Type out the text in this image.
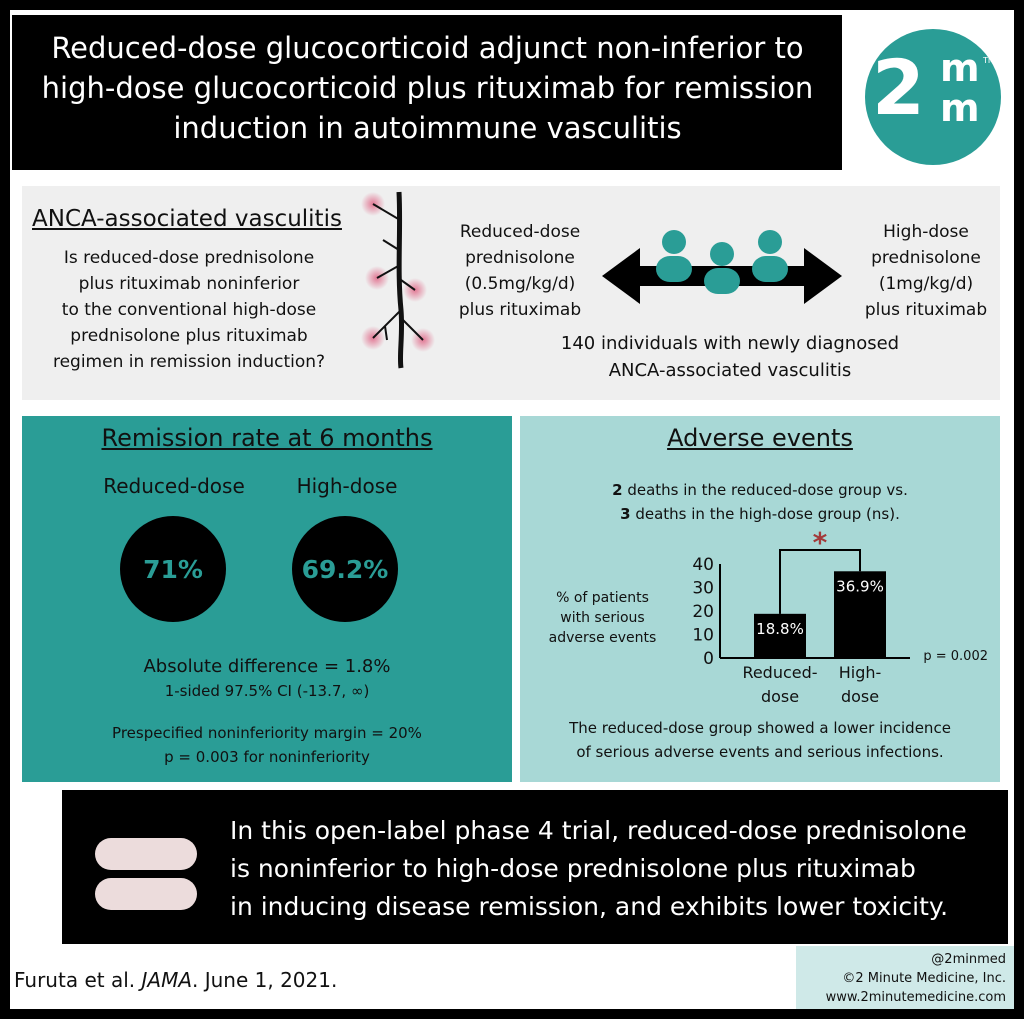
Reduced-dose glucocorticoid adjunct non-inferior to
high-dose glucocorticoid plus rituximab for remission
induction in autoimmune vasculitis	2 m
m
TM
ANCA-associated vasculitis
Is reduced-dose prednisolone
plus rituximab noninferior
to the conventional high-dose
prednisolone plus rituximab
regimen in remission induction?
Reduced-dose
prednisolone
(0.5mg/kg/d)
plus rituximab
High-dose
prednisolone
(1mg/kg/d)
plus rituximab
140 individuals with newly diagnosed
ANCA-associated vasculitis
Remission rate at 6 months
Reduced-dose	High-dose
71%	69.2%
Absolute difference = 1.8%
1-sided 97.5% CI (-13.7, ∞)
Prespecified noninferiority margin = 20%
p = 0.003 for noninferiority
Adverse events
2 deaths in the reduced-dose group vs.
3 deaths in the high-dose group (ns).
% of patients
with serious
adverse events
0
10
20
30
40
18.8%
Reduced-
dose
36.9%
High-
dose
*
p = 0.002
The reduced-dose group showed a lower incidence
of serious adverse events and serious infections.
In this open-label phase 4 trial, reduced-dose prednisolone
is noninferior to high-dose prednisolone plus rituximab
in inducing disease remission, and exhibits lower toxicity.
@2minmed
©2 Minute Medicine, Inc.
www.2minutemedicine.com
Furuta et al. JAMA. June 1, 2021.
